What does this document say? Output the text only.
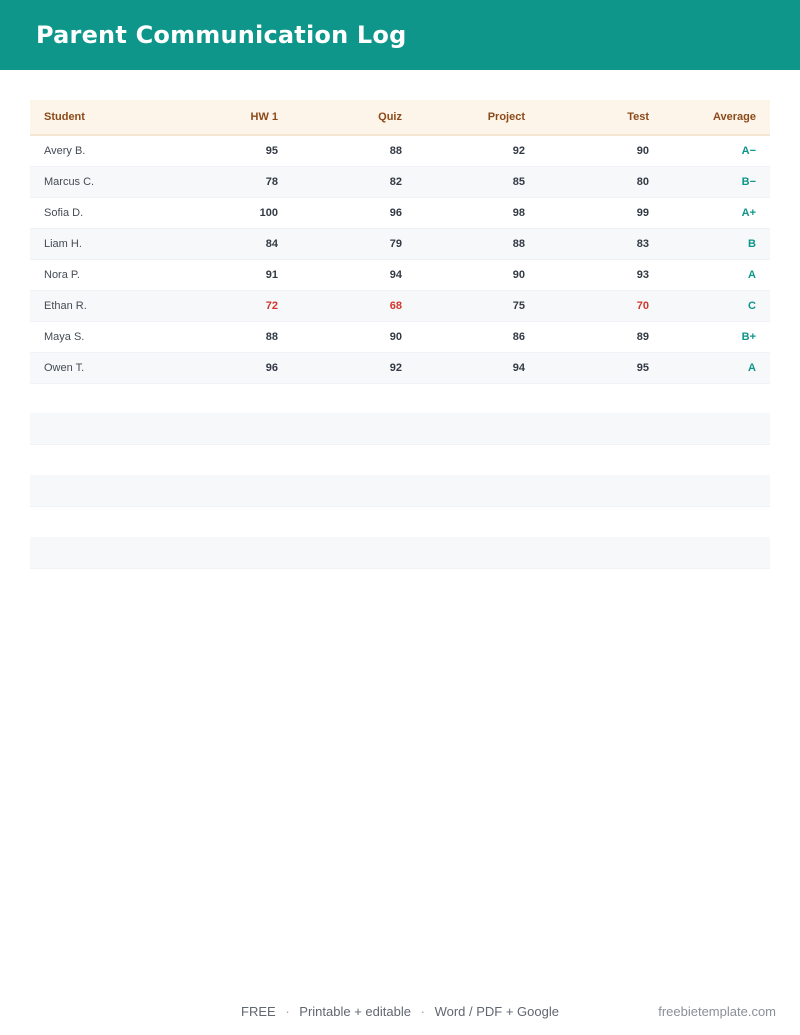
Parent Communication Log
Student	HW 1	Quiz	Project	Test	Average
Avery B.	95	88	92	90	A−
Marcus C.	78	82	85	80	B−
Sofia D.	100	96	98	99	A+
Liam H.	84	79	88	83	B
Nora P.	91	94	90	93	A
Ethan R.	72	68	75	70	C
Maya S.	88	90	86	89	B+
Owen T.	96	92	94	95	A
FREE · Printable + editable · Word / PDF + Google	freebietemplate.com
